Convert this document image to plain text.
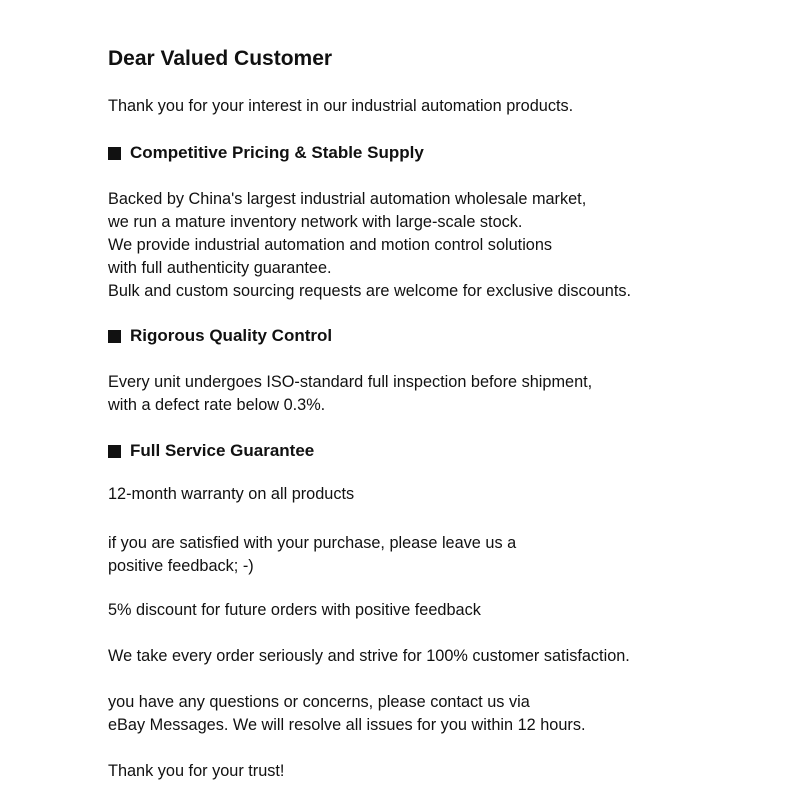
Dear Valued Customer
Thank you for your interest in our industrial automation products.
Competitive Pricing & Stable Supply
Backed by China's largest industrial automation wholesale market,
we run a mature inventory network with large-scale stock.
We provide industrial automation and motion control solutions
with full authenticity guarantee.
Bulk and custom sourcing requests are welcome for exclusive discounts.
Rigorous Quality Control
Every unit undergoes ISO-standard full inspection before shipment,
with a defect rate below 0.3%.
Full Service Guarantee
12-month warranty on all products
if you are satisfied with your purchase, please leave us a
positive feedback; -)
5% discount for future orders with positive feedback
We take every order seriously and strive for 100% customer satisfaction.
you have any questions or concerns, please contact us via
eBay Messages. We will resolve all issues for you within 12 hours.
Thank you for your trust!
